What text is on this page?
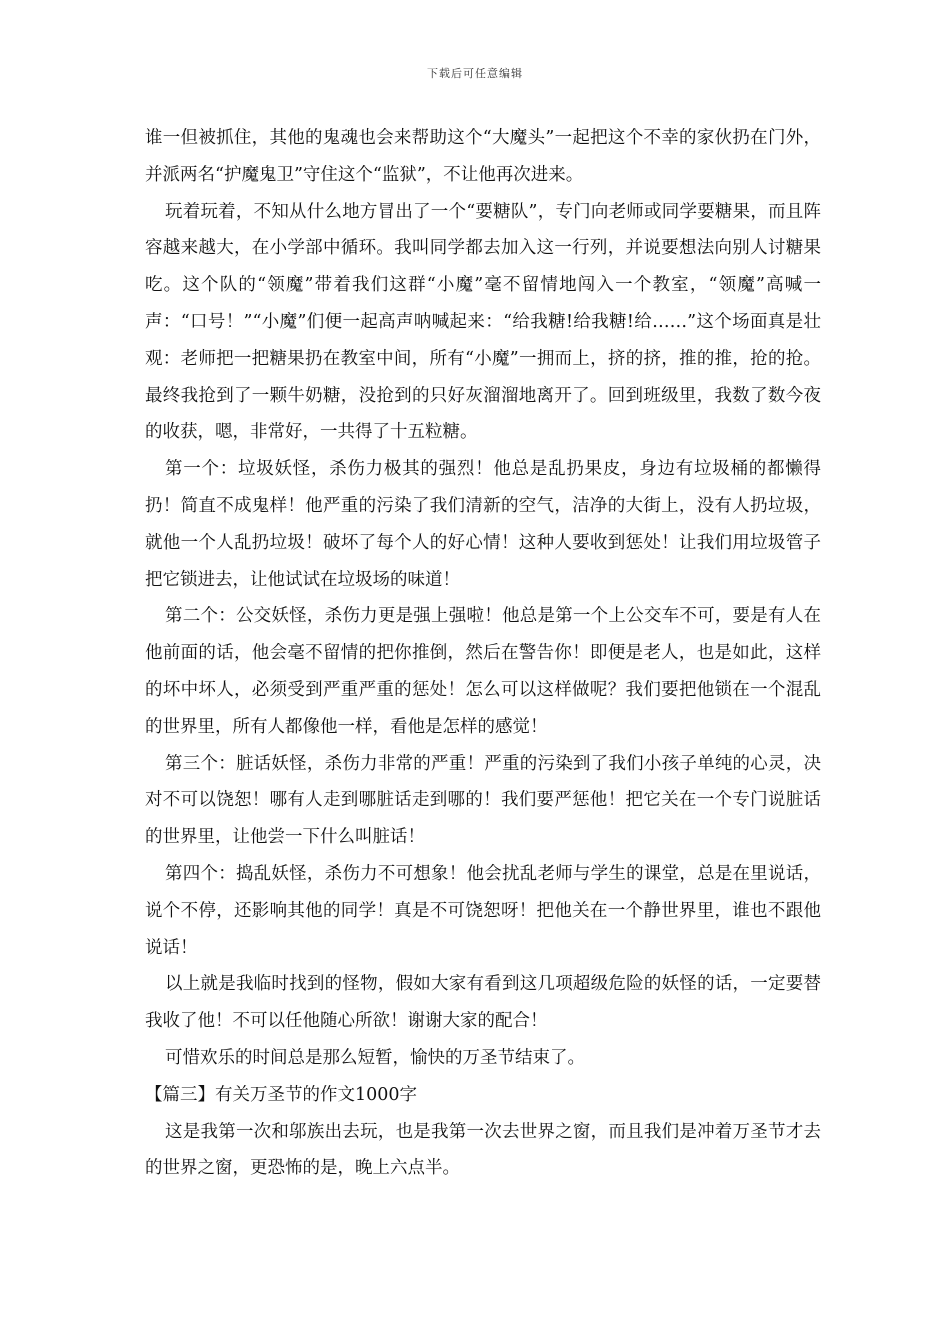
下载后可任意编辑

谁一但被抓住，其他的鬼魂也会来帮助这个“大魔头”一起把这个不幸的家伙扔在门外，并派两名“护魔鬼卫”守住这个“监狱”，不让他再次进来。

玩着玩着，不知从什么地方冒出了一个“要糖队”，专门向老师或同学要糖果，而且阵容越来越大，在小学部中循环。我叫同学都去加入这一行列，并说要想法向别人讨糖果吃。这个队的“领魔”带着我们这群“小魔”毫不留情地闯入一个教室，“领魔”高喊一声：“口号！”“小魔”们便一起高声呐喊起来：“给我糖!给我糖!给……”这个场面真是壮观：老师把一把糖果扔在教室中间，所有“小魔”一拥而上，挤的挤，推的推，抢的抢。最终我抢到了一颗牛奶糖，没抢到的只好灰溜溜地离开了。回到班级里，我数了数今夜的收获，嗯，非常好，一共得了十五粒糖。

第一个：垃圾妖怪，杀伤力极其的强烈！他总是乱扔果皮，身边有垃圾桶的都懒得扔！简直不成鬼样！他严重的污染了我们清新的空气，洁净的大街上，没有人扔垃圾，就他一个人乱扔垃圾！破坏了每个人的好心情！这种人要收到惩处！让我们用垃圾管子把它锁进去，让他试试在垃圾场的味道！

第二个：公交妖怪，杀伤力更是强上强啦！他总是第一个上公交车不可，要是有人在他前面的话，他会毫不留情的把你推倒，然后在警告你！即便是老人，也是如此，这样的坏中坏人，必须受到严重严重的惩处！怎么可以这样做呢？我们要把他锁在一个混乱的世界里，所有人都像他一样，看他是怎样的感觉！

第三个：脏话妖怪，杀伤力非常的严重！严重的污染到了我们小孩子单纯的心灵，决对不可以饶恕！哪有人走到哪脏话走到哪的！我们要严惩他！把它关在一个专门说脏话的世界里，让他尝一下什么叫脏话！

第四个：捣乱妖怪，杀伤力不可想象！他会扰乱老师与学生的课堂，总是在里说话，说个不停，还影响其他的同学！真是不可饶恕呀！把他关在一个静世界里，谁也不跟他说话！

以上就是我临时找到的怪物，假如大家有看到这几项超级危险的妖怪的话，一定要替我收了他！不可以任他随心所欲！谢谢大家的配合！

可惜欢乐的时间总是那么短暂，愉快的万圣节结束了。

【篇三】有关万圣节的作文1000字

这是我第一次和邬族出去玩，也是我第一次去世界之窗，而且我们是冲着万圣节才去的世界之窗，更恐怖的是，晚上六点半。
